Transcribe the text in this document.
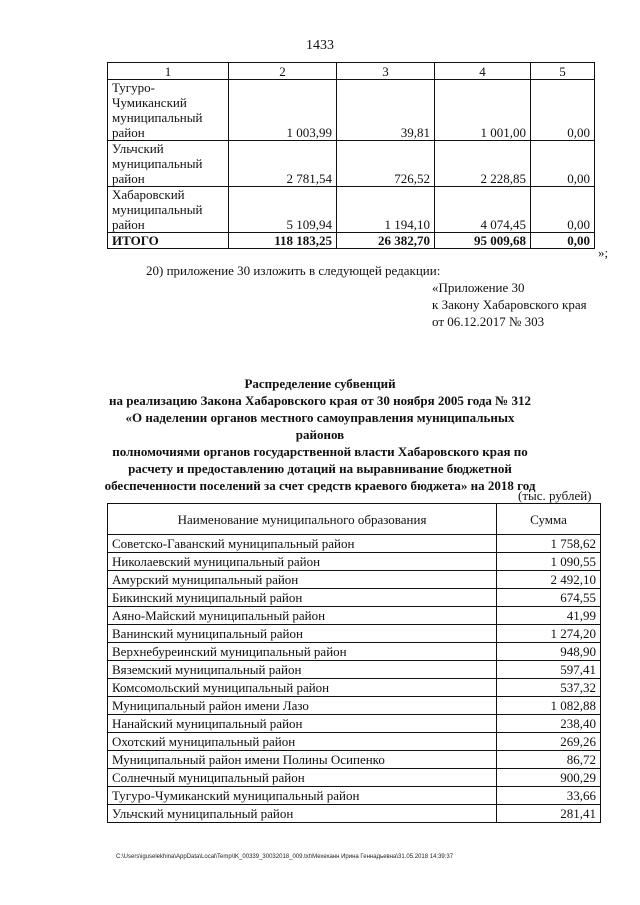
1433
1	2	3	4	5

Тугуро-
Чумиканский
муниципальный
район	1 003,99	39,81	1 001,00	0,00

Ульчский
муниципальный
район	2 781,54	726,52	2 228,85	0,00

Хабаровский
муниципальный
район	5 109,94	1 194,10	4 074,45	0,00
ИТОГО	118 183,25	26 382,70	95 009,68	0,00
»;
20) приложение 30 изложить в следующей редакции:
«Приложение 30
к Закону Хабаровского края
от 06.12.2017 № 303
Распределение субвенций
на реализацию Закона Хабаровского края от 30 ноября 2005 года № 312
«О наделении органов местного самоуправления муниципальных районов
полномочиями органов государственной власти Хабаровского края по
расчету и предоставлению дотаций на выравнивание бюджетной
обеспеченности поселений за счет средств краевого бюджета» на 2018 год
(тыс. рублей)
Наименование муниципального образования	Сумма
Советско-Гаванский муниципальный район	1 758,62
Николаевский муниципальный район	1 090,55
Амурский муниципальный район	2 492,10
Бикинский муниципальный район	674,55
Аяно-Майский муниципальный район	41,99
Ванинский муниципальный район	1 274,20
Верхнебуреинский муниципальный район	948,90
Вяземский муниципальный район	597,41
Комсомольский муниципальный район	537,32
Муниципальный район имени Лазо	1 082,88
Нанайский муниципальный район	238,40
Охотский муниципальный район	269,26
Муниципальный район имени Полины Осипенко	86,72
Солнечный муниципальный район	900,29
Тугуро-Чумиканский муниципальный район	33,66
Ульчский муниципальный район	281,41
C:\Users\iguselekhina\AppData\Local\Temp\IK_00339_30032018_009.txt\Мехеханн Ирина Геннадьевна\31.05.2018 14:39:37
